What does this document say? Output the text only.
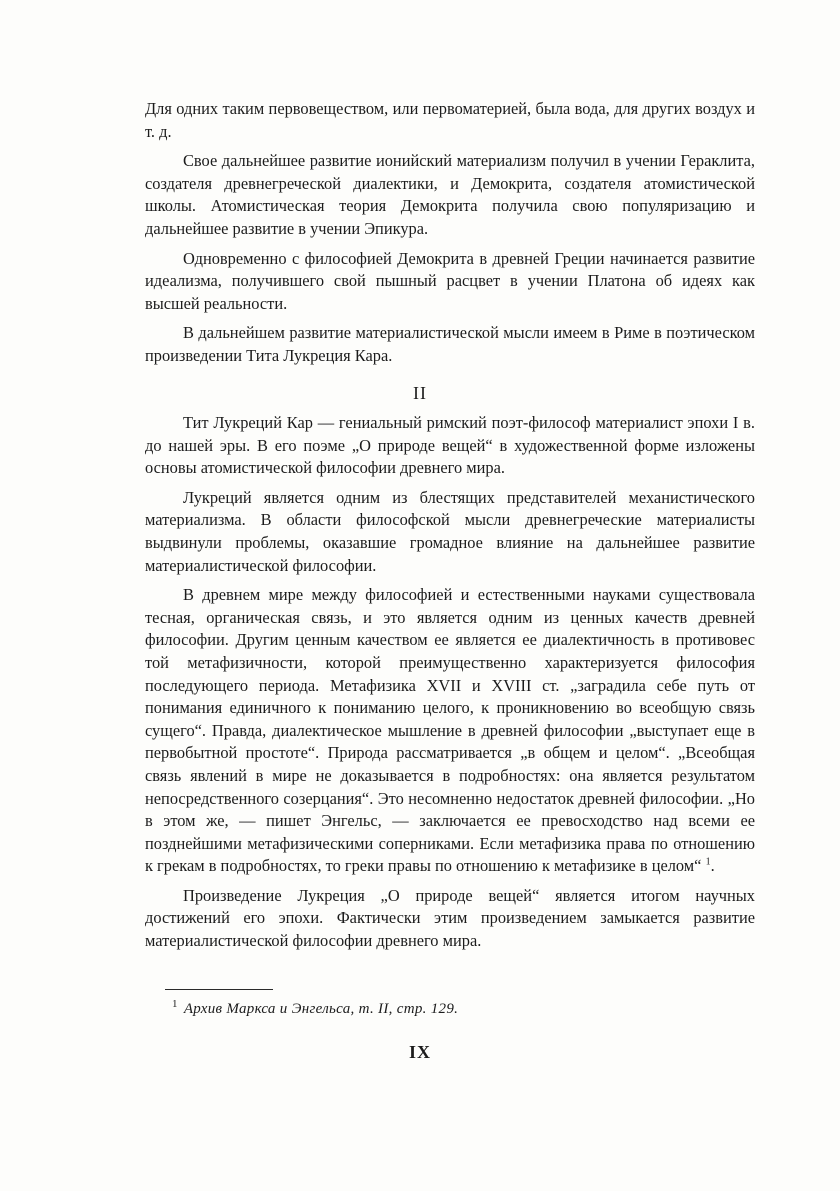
Для одних таким первовеществом, или первоматерией, была вода, для других воздух и т. д.

Свое дальнейшее развитие ионийский материализм получил в учении Гераклита, создателя древнегреческой диалектики, и Демокрита, создателя атомистической школы. Атомистическая теория Демокрита получила свою популяризацию и дальнейшее развитие в учении Эпикура.

Одновременно с философией Демокрита в древней Греции начинается развитие идеализма, получившего свой пышный расцвет в учении Платона об идеях как высшей реальности.

В дальнейшем развитие материалистической мысли имеем в Риме в поэтическом произведении Тита Лукреция Кара.

II

Тит Лукреций Кар — гениальный римский поэт-философ материалист эпохи I в. до нашей эры. В его поэме „О природе вещей“ в художественной форме изложены основы атомистической философии древнего мира.

Лукреций является одним из блестящих представителей механистического материализма. В области философской мысли древнегреческие материалисты выдвинули проблемы, оказавшие громадное влияние на дальнейшее развитие материалистической философии.

В древнем мире между философией и естественными науками существовала тесная, органическая связь, и это является одним из ценных качеств древней философии. Другим ценным качеством ее является ее диалектичность в противовес той метафизичности, которой преимущественно характеризуется философия последующего периода. Метафизика XVII и XVIII ст. „заградила себе путь от понимания единичного к пониманию целого, к проникновению во всеобщую связь сущего“. Правда, диалектическое мышление в древней философии „выступает еще в первобытной простоте“. Природа рассматривается „в общем и целом“. „Всеобщая связь явлений в мире не доказывается в подробностях: она является результатом непосредственного созерцания“. Это несомненно недостаток древней философии. „Но в этом же, — пишет Энгельс, — заключается ее превосходство над всеми ее позднейшими метафизическими соперниками. Если метафизика права по отношению к грекам в подробностях, то греки правы по отношению к метафизике в целом“ $^1$.

Произведение Лукреция „О природе вещей“ является итогом научных достижений его эпохи. Фактически этим произведением замыкается развитие материалистической философии древнего мира.

$^1$ Архив Маркса и Энгельса, т. II, стр. 129.
IX
